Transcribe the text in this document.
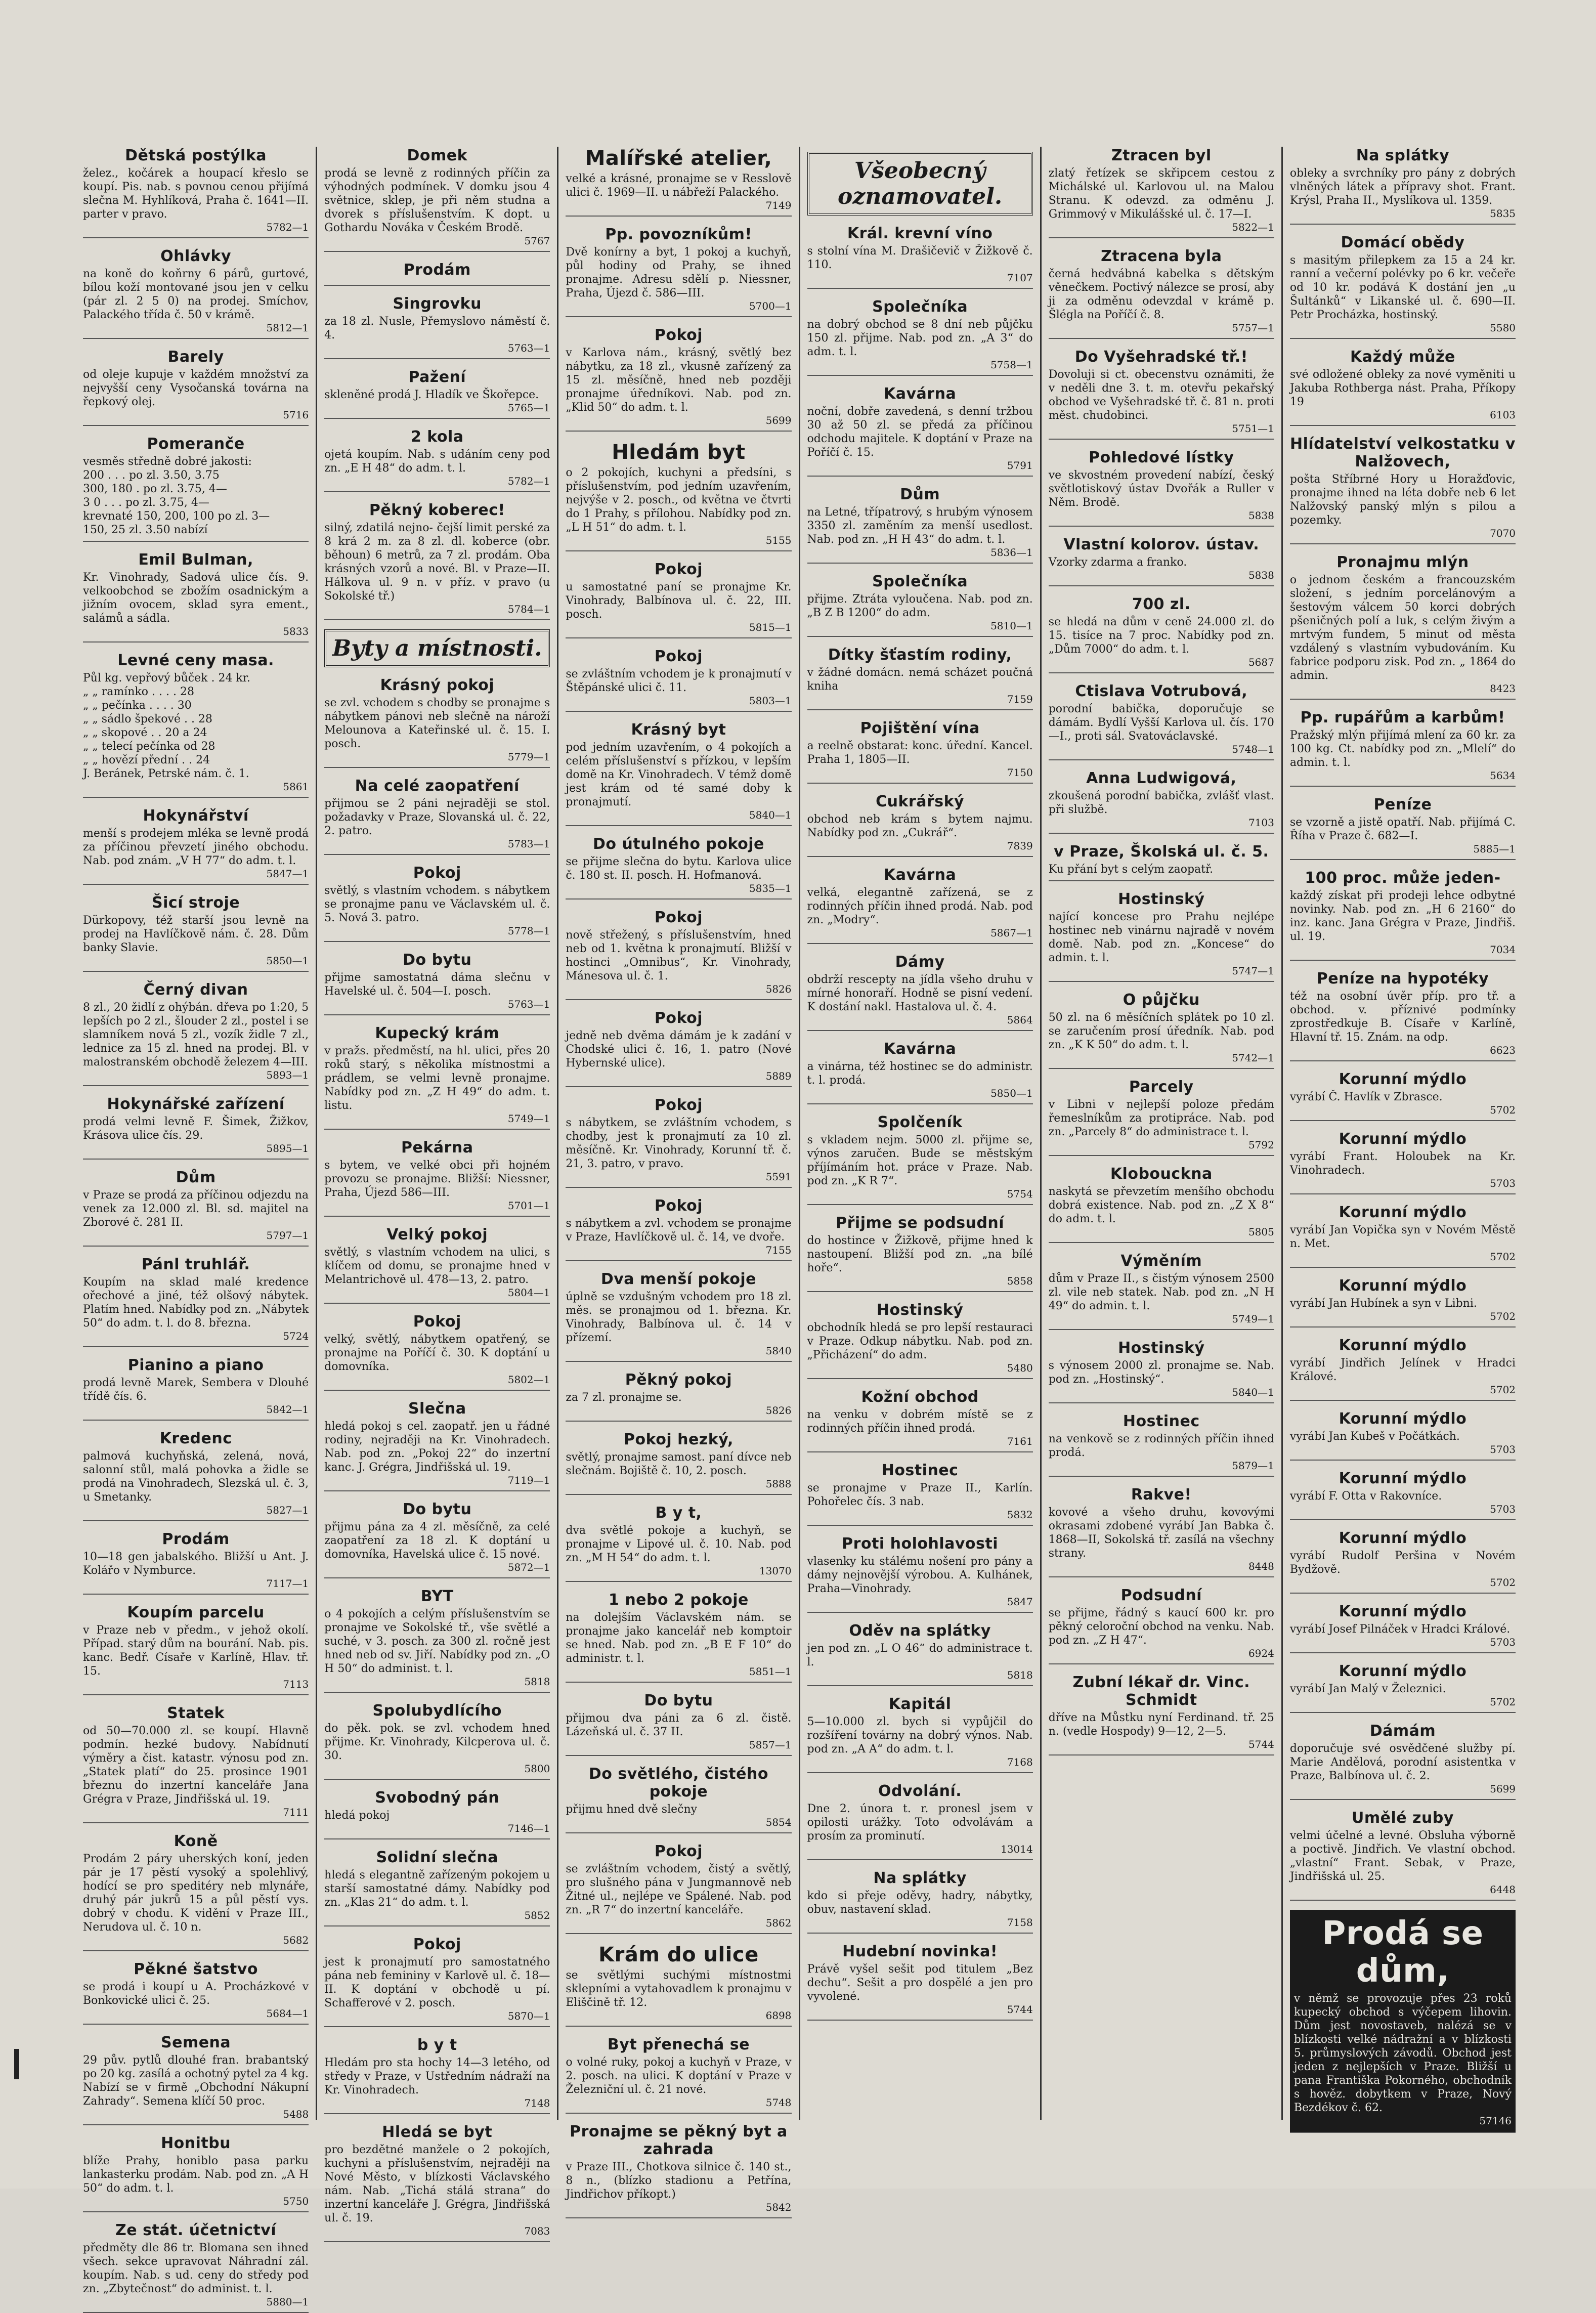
Dětská postýlka

želez., kočárek a houpací křeslo se koupí. Pis. nab. s povnou cenou přijímá slečna M. Hyhlíková, Praha č. 1641—II. parter v pravo.

5782—1
Ohlávky

na koně do koňrny 6 párů, gurtové, bílou koží montované jsou jen v celku (pár zl. 2 5 0) na prodej. Smíchov, Palackého třída č. 50 v krámě.

5812—1
Barely

od oleje kupuje v každém množství za nejvyšší ceny Vysočanská továrna na řepkový olej.

5716
Pomeranče
vesměs středně dobré jakosti:
200 . . . po zl. 3.50, 3.75
300, 180 . po zl. 3.75, 4—
3 0 . . . po zl. 3.75, 4—
krevnaté 150, 200, 100 po zl. 3—
150, 25 zl. 3.50 nabízí
Emil Bulman,

Kr. Vinohrady, Sadová ulice čís. 9. velkoobchod se zbožím osadnickým a jižním ovocem, sklad syra ement., salámů a sádla.

5833
Levné ceny masa.
Půl kg. vepřový bůček . 24 kr.
„ „ ramínko . . . . 28
„ „ pečínka . . . . 30
„ „ sádlo špekové . . 28
„ „ skopové . . 20 a 24
„ „ telecí pečínka od 28
„ „ hovězí přední . . 24

J. Beránek, Petrské nám. č. 1.

5861
Hokynářství

menší s prodejem mléka se levně prodá za příčinou převzetí jiného obchodu. Nab. pod znám. „V H 77“ do adm. t. l.

5847—1
Šicí stroje

Dürkopovy, též starší jsou levně na prodej na Havlíčkově nám. č. 28. Dům banky Slavie.

5850—1
Černý divan

8 zl., 20 židlí z ohýbán. dřeva po 1:20, 5 lepších po 2 zl., šlouder 2 zl., postel i se slamníkem nová 5 zl., vozík židle 7 zl., lednice za 15 zl. hned na prodej. Bl. v malostranském obchodě železem 4—III.

5893—1
Hokynářské zařízení

prodá velmi levně F. Šimek, Žižkov, Krásova ulice čís. 29.

5895—1
Dům

v Praze se prodá za příčinou odjezdu na venek za 12.000 zl. Bl. sd. majitel na Zborové č. 281 II.

5797—1
Pánl truhlář.

Koupím na sklad malé kredence ořechové a jiné, též olšový nábytek. Platím hned. Nabídky pod zn. „Nábytek 50“ do adm. t. l. do 8. března.

5724
Pianino a piano

prodá levně Marek, Sembera v Dlouhé třídě čís. 6.

5842—1
Kredenc

palmová kuchyňská, zelená, nová, salonní stůl, malá pohovka a židle se prodá na Vinohradech, Slezská ul. č. 3, u Smetanky.

5827—1
Prodám

10—18 gen jabalského. Bližší u Ant. J. Kolářo v Nymburce.

7117—1
Koupím parcelu

v Praze neb v předm., v jehož okolí. Případ. starý dům na bourání. Nab. pis. kanc. Bedř. Císaře v Karlíně, Hlav. tř. 15.

7113
Statek

od 50—70.000 zl. se koupí. Hlavně podmín. hezké budovy. Nabídnutí výměry a čist. katastr. výnosu pod zn. „Statek platí“ do 25. prosince 1901 březnu do inzertní kanceláře Jana Grégra v Praze, Jindřišská ul. 19.

7111
Koně

Prodám 2 páry uherských koní, jeden pár je 17 pěstí vysoký a spolehlivý, hodící se pro speditéry neb mlynáře, druhý pár jukrů 15 a půl pěstí vys. dobrý v chodu. K vidění v Praze III., Nerudova ul. č. 10 n.

5682
Pěkné šatstvo

se prodá i koupí u A. Procházkové v Bonkovické ulici č. 25.

5684—1
Semena

29 pův. pytlů dlouhé fran. brabantský po 20 kg. zasílá a ochotný pytel za 4 kg. Nabízí se v firmě „Obchodní Nákupní Zahrady“. Semena klíčí 50 proc.

5488
Honitbu

blíže Prahy, honiblo pasa parku lankasterku prodám. Nab. pod zn. „A H 50“ do adm. t. l.

5750
Ze stát. účetnictví

předměty dle 86 tr. Blomana sen ihned všech. sekce upravovat Náhradní zál. koupím. Nab. s ud. ceny do středy pod zn. „Zbytečnost“ do administ. t. l.

5880—1
Domek

prodá se levně z rodinných příčin za výhodných podmínek. V domku jsou 4 světnice, sklep, je při něm studna a dvorek s příslušenstvím. K dopt. u Gothardu Nováka v Českém Brodě.

5767
Prodám
Singrovku

za 18 zl. Nusle, Přemyslovo náměstí č. 4.

5763—1
Pažení

skleněné prodá J. Hladík ve Škořepce.

5765—1
2 kola

ojetá koupím. Nab. s udáním ceny pod zn. „E H 48“ do adm. t. l.

5782—1
Pěkný koberec!

silný, zdatilá nejno- čejší limit perské za 8 krá 2 m. za 8 zl. dl. koberce (obr. běhoun) 6 metrů, za 7 zl. prodám. Oba krásných vzorů a nové. Bl. v Praze—II. Hálkova ul. 9 n. v příz. v pravo (u Sokolské tř.)

5784—1
Byty a místnosti.
Krásný pokoj

se zvl. vchodem s chodby se pronajme s nábytkem pánovi neb slečně na nároží Melounova a Kateřinské ul. č. 15. I. posch.

5779—1
Na celé zaopatření

přijmou se 2 páni nejraději se stol. požadavky v Praze, Slovanská ul. č. 22, 2. patro.

5783—1
Pokoj

světlý, s vlastním vchodem. s nábytkem se pronajme panu ve Václavském ul. č. 5. Nová 3. patro.

5778—1
Do bytu

přijme samostatná dáma slečnu v Havelské ul. č. 504—I. posch.

5763—1
Kupecký krám

v pražs. předměstí, na hl. ulici, přes 20 roků starý, s několika místnostmi a prádlem, se velmi levně pronajme. Nabídky pod zn. „Z H 49“ do adm. t. listu.

5749—1
Pekárna

s bytem, ve velké obci při hojném provozu se pronajme. Bližší: Niessner, Praha, Újezd 586—III.

5701—1
Velký pokoj

světlý, s vlastním vchodem na ulici, s klíčem od domu, se pronajme hned v Melantrichově ul. 478—13, 2. patro.

5804—1
Pokoj

velký, světlý, nábytkem opatřený, se pronajme na Poříčí č. 30. K doptání u domovníka.

5802—1
Slečna

hledá pokoj s cel. zaopatř. jen u řádné rodiny, nejraději na Kr. Vinohradech. Nab. pod zn. „Pokoj 22“ do inzertní kanc. J. Grégra, Jindřišská ul. 19.

7119—1
Do bytu

přijmu pána za 4 zl. měsíčně, za celé zaopatření za 18 zl. K doptání u domovníka, Havelská ulice č. 15 nové.

5872—1
BYT

o 4 pokojích a celým příslušenstvím se pronajme ve Sokolské tř., vše světlé a suché, v 3. posch. za 300 zl. ročně jest hned neb od sv. Jiří. Nabídky pod zn. „O H 50“ do administ. t. l.

5818
Spolubydlícího

do pěk. pok. se zvl. vchodem hned přijme. Kr. Vinohrady, Kilcperova ul. č. 30.

5800
Svobodný pán

hledá pokoj

7146—1
Solidní slečna

hledá s elegantně zařízeným pokojem u starší samostatné dámy. Nabídky pod zn. „Klas 21“ do adm. t. l.

5852
Pokoj

jest k pronajmutí pro samostatného pána neb femininy v Karlově ul. č. 18—II. K doptání v obchodě u pí. Schafferové v 2. posch.

5870—1
b y t

Hledám pro sta hochy 14—3 letého, od středy v Praze, v Ustředním nádraží na Kr. Vinohradech.

7148
Hledá se byt

pro bezdětné manžele o 2 pokojích, kuchyni a příslušenstvím, nejraději na Nové Město, v blízkosti Václavského nám. Nab. „Tichá stálá strana“ do inzertní kanceláře J. Grégra, Jindřišská ul. č. 19.

7083
Malířské atelier,

velké a krásné, pronajme se v Resslově ulici č. 1969—II. u nábřeží Palackého.

7149
Pp. povozníkům!

Dvě konírny a byt, 1 pokoj a kuchyň, půl hodiny od Prahy, se ihned pronajme. Adresu sdělí p. Niessner, Praha, Újezd č. 586—III.

5700—1
Pokoj

v Karlova nám., krásný, světlý bez nábytku, za 18 zl., vkusně zařízený za 15 zl. měsíčně, hned neb později pronajme úředníkovi. Nab. pod zn. „Klid 50“ do adm. t. l.

5699
Hledám byt

o 2 pokojích, kuchyni a předsíni, s příslušenstvím, pod jedním uzavřením, nejvýše v 2. posch., od května ve čtvrti do 1 Prahy, s přílohou. Nabídky pod zn. „L H 51“ do adm. t. l.

5155
Pokoj

u samostatné paní se pronajme Kr. Vinohrady, Balbínova ul. č. 22, III. posch.

5815—1
Pokoj

se zvláštním vchodem je k pronajmutí v Štěpánské ulici č. 11.

5803—1
Krásný byt

pod jedním uzavřením, o 4 pokojích a celém příslušenství s přízkou, v lepším domě na Kr. Vinohradech. V témž domě jest krám od té samé doby k pronajmutí.

5840—1
Do útulného pokoje

se přijme slečna do bytu. Karlova ulice č. 180 st. II. posch. H. Hofmanová.

5835—1
Pokoj

nově střežený, s příslušenstvím, hned neb od 1. května k pronajmutí. Bližší v hostinci „Omnibus“, Kr. Vinohrady, Mánesova ul. č. 1.

5826
Pokoj

jedně neb dvěma dámám je k zadání v Chodské ulici č. 16, 1. patro (Nové Hybernské ulice).

5889
Pokoj

s nábytkem, se zvláštním vchodem, s chodby, jest k pronajmutí za 10 zl. měsíčně. Kr. Vinohrady, Korunní tř. č. 21, 3. patro, v pravo.

5591
Pokoj

s nábytkem a zvl. vchodem se pronajme v Praze, Havlíčkově ul. č. 14, ve dvoře.

7155
Dva menší pokoje

úplně se vzdušným vchodem pro 18 zl. měs. se pronajmou od 1. března. Kr. Vinohrady, Balbínova ul. č. 14 v přízemí.

5840
Pěkný pokoj

za 7 zl. pronajme se.

5826
Pokoj hezký,

světlý, pronajme samost. paní dívce neb slečnám. Bojiště č. 10, 2. posch.

5888
B y t,

dva světlé pokoje a kuchyň, se pronajme v Lipové ul. č. 10. Nab. pod zn. „M H 54“ do adm. t. l.

13070
1 nebo 2 pokoje

na dolejším Václavském nám. se pronajme jako kancelář neb komptoir se hned. Nab. pod zn. „B E F 10“ do administr. t. l.

5851—1
Do bytu

přijmou dva páni za 6 zl. čistě. Lázeňská ul. č. 37 II.

5857—1
Do světlého, čistého pokoje

přijmu hned dvě slečny

5854
Pokoj

se zvláštním vchodem, čistý a světlý, pro slušného pána v Jungmannově neb Žitné ul., nejlépe ve Spálené. Nab. pod zn. „R 7“ do inzertní kanceláře.

5862
Krám do ulice

se světlými suchými místnostmi sklepními a vytahovadlem k pronajmu v Eliščině tř. 12.

6898
Byt přenechá se

o volné ruky, pokoj a kuchyň v Praze, v 2. posch. na ulici. K doptání v Praze v Železniční ul. č. 21 nové.

5748
Pronajme se pěkný byt a zahrada

v Praze III., Chotkova silnice č. 140 st., 8 n., (blízko stadionu a Petřína, Jindřichov příkopt.)

5842
Všeobecný oznamovatel.
Král. krevní víno

s stolní vína M. Drašičevič v Žižkově č. 110.

7107
Společníka

na dobrý obchod se 8 dní neb půjčku 150 zl. přijme. Nab. pod zn. „A 3“ do adm. t. l.

5758—1
Kavárna

noční, dobře zavedená, s denní tržbou 30 až 50 zl. se předá za příčinou odchodu majitele. K doptání v Praze na Poříčí č. 15.

5791
Dům

na Letné, třípatrový, s hrubým výnosem 3350 zl. zaměním za menší usedlost. Nab. pod zn. „H H 43“ do adm. t. l.

5836—1
Společníka

přijme. Ztráta vyloučena. Nab. pod zn. „B Z B 1200“ do adm.

5810—1
Dítky šťastím rodiny,

v žádné domácn. nemá scházet poučná kniha

7159
Pojištění vína

a reelně obstarat: konc. úřední. Kancel. Praha 1, 1805—II.

7150
Cukrářský

obchod neb krám s bytem najmu. Nabídky pod zn. „Cukrář“.

7839
Kavárna

velká, elegantně zařízená, se z rodinných příčin ihned prodá. Nab. pod zn. „Modry“.

5867—1
Dámy

obdrží rescepty na jídla všeho druhu v mírné honoraří. Hodně se pisní vedení. K dostání nakl. Hastalova ul. č. 4.

5864
Kavárna

a vinárna, též hostinec se do administr. t. l. prodá.

5850—1
Spolčeník

s vkladem nejm. 5000 zl. přijme se, výnos zaručen. Bude se městským příjímáním hot. práce v Praze. Nab. pod zn. „K R 7“.

5754
Přijme se podsudní

do hostince v Žižkově, přijme hned k nastoupení. Bližší pod zn. „na bílé hoře“.

5858
Hostinský

obchodník hledá se pro lepší restauraci v Praze. Odkup nábytku. Nab. pod zn. „Přicházení“ do adm.

5480
Kožní obchod

na venku v dobrém místě se z rodinných příčin ihned prodá.

7161
Hostinec

se pronajme v Praze II., Karlín. Pohořelec čís. 3 nab.

5832
Proti holohlavosti

vlasenky ku stálému nošení pro pány a dámy nejnovější výrobou. A. Kulhánek, Praha—Vinohrady.

5847
Oděv na splátky

jen pod zn. „L O 46“ do administrace t. l.

5818
Kapitál

5—10.000 zl. bych si vypůjčil do rozšíření továrny na dobrý výnos. Nab. pod zn. „A A“ do adm. t. l.

7168
Odvolání.

Dne 2. února t. r. pronesl jsem v opilosti urážky. Toto odvolávám a prosím za prominutí.

13014
Na splátky

kdo si přeje oděvy, hadry, nábytky, obuv, nastavení sklad.

7158
Hudební novinka!

Právě vyšel sešit pod titulem „Bez dechu“. Sešit a pro dospělé a jen pro vyvolené.

5744
Ztracen byl

zlatý řetízek se skřipcem cestou z Michálské ul. Karlovou ul. na Malou Stranu. K odevzd. za odměnu J. Grimmový v Mikulášské ul. č. 17—I.

5822—1
Ztracena byla

černá hedvábná kabelka s dětským věnečkem. Poctivý nálezce se prosí, aby ji za odměnu odevzdal v krámě p. Šlégla na Poříčí č. 8.

5757—1
Do Vyšehradské tř.!

Dovoluji si ct. obecenstvu oznámiti, že v neděli dne 3. t. m. otevřu pekařský obchod ve Vyšehradské tř. č. 81 n. proti měst. chudobinci.

5751—1
Pohledové lístky

ve skvostném provedení nabízí, český světlotiskový ústav Dvořák a Ruller v Něm. Brodě.

5838
Vlastní kolorov. ústav.

Vzorky zdarma a franko.

5838
700 zl.

se hledá na dům v ceně 24.000 zl. do 15. tisíce na 7 proc. Nabídky pod zn. „Dům 7000“ do adm. t. l.

5687
Ctislava Votrubová,

porodní babička, doporučuje se dámám. Bydlí Vyšší Karlova ul. čís. 170—I., proti sál. Svatováclavské.

5748—1
Anna Ludwigová,

zkoušená porodní babička, zvlášť vlast. při službě.

7103
v Praze, Školská ul. č. 5.

Ku přání byt s celým zaopatř.

Hostinský

nající koncese pro Prahu nejlépe hostinec neb vinárnu najradě v novém domě. Nab. pod zn. „Koncese“ do admin. t. l.

5747—1
O půjčku

50 zl. na 6 měsíčních splátek po 10 zl. se zaručením prosí úředník. Nab. pod zn. „K K 50“ do adm. t. l.

5742—1
Parcely

v Libni v nejlepší poloze předám řemeslníkům za protipráce. Nab. pod zn. „Parcely 8“ do administrace t. l.

5792
Klobouckna

naskytá se převzetím menšího obchodu dobrá existence. Nab. pod zn. „Z X 8“ do adm. t. l.

5805
Výměním

dům v Praze II., s čistým výnosem 2500 zl. vile neb statek. Nab. pod zn. „N H 49“ do admin. t. l.

5749—1
Hostinský

s výnosem 2000 zl. pronajme se. Nab. pod zn. „Hostinský“.

5840—1
Hostinec

na venkově se z rodinných příčin ihned prodá.

5879—1
Rakve!

kovové a všeho druhu, kovovými okrasami zdobené vyrábí Jan Babka č. 1868—II, Sokolská tř. zasílá na všechny strany.

8448
Podsudní

se přijme, řádný s kaucí 600 kr. pro pěkný celoroční obchod na venku. Nab. pod zn. „Z H 47“.

6924
Zubní lékař dr. Vinc. Schmidt

dříve na Můstku nyní Ferdinand. tř. 25 n. (vedle Hospody) 9—12, 2—5.

5744
Na splátky

obleky a svrchníky pro pány z dobrých vlněných látek a přípravy shot. Frant. Krýsl, Praha II., Myslíkova ul. 1359.

5835
Domácí obědy

s masitým přilepkem za 15 a 24 kr. ranní a večerní polévky po 6 kr. večeře od 10 kr. podává K dostání jen „u Šultánků“ v Likanské ul. č. 690—II. Petr Procházka, hostinský.

5580
Každý může

své odložené obleky za nové vyměniti u Jakuba Rothberga nást. Praha, Příkopy 19

6103
Hlídatelství velkostatku v Nalžovech,

pošta Stříbrné Hory u Horažďovic, pronajme ihned na léta dobře neb 6 let Nalžovský panský mlýn s pilou a pozemky.

7070
Pronajmu mlýn

o jednom českém a francouzském složení, s jedním porcelánovým a šestovým válcem 50 korci dobrých pšeničných polí a luk, s celým živým a mrtvým fundem, 5 minut od města vzdálený s vlastním vybudováním. Ku fabrice podporu zisk. Pod zn. „ 1864 do admin.

8423
Pp. rupářům a karbům!

Pražský mlýn přijímá mlení za 60 kr. za 100 kg. Ct. nabídky pod zn. „Mlelí“ do admin. t. l.

5634
Peníze

se vzorně a jistě opatří. Nab. přijímá C. Říha v Praze č. 682—I.

5885—1
100 proc. může jeden-

každý získat při prodeji lehce odbytné novinky. Nab. pod zn. „H 6 2160“ do inz. kanc. Jana Grégra v Praze, Jindřiš. ul. 19.

7034
Peníze na hypotéky

též na osobní úvěr příp. pro tř. a obchod. v. příznivé podmínky zprostředkuje B. Císaře v Karlíně, Hlavní tř. 15. Znám. na odp.

6623
Korunní mýdlo

vyrábí Č. Havlík v Zbrasce.

5702
Korunní mýdlo

vyrábí Frant. Holoubek na Kr. Vinohradech.

5703
Korunní mýdlo

vyrábí Jan Vopička syn v Novém Městě n. Met.

5702
Korunní mýdlo

vyrábí Jan Hubínek a syn v Libni.

5702
Korunní mýdlo

vyrábí Jindřich Jelínek v Hradci Králové.

5702
Korunní mýdlo

vyrábí Jan Kubeš v Počátkách.

5703
Korunní mýdlo

vyrábí F. Otta v Rakovníce.

5703
Korunní mýdlo

vyrábí Rudolf Peršina v Novém Bydžově.

5702
Korunní mýdlo

vyrábí Josef Pilnáček v Hradci Králové.

5703
Korunní mýdlo

vyrábí Jan Malý v Železnici.

5702
Dámám

doporučuje své osvědčené služby pí. Marie Andělová, porodní asistentka v Praze, Balbínova ul. č. 2.

5699
Umělé zuby

velmi účelné a levné. Obsluha výborně a poctivě. Jindřich. Ve vlastní obchod. „vlastní“ Frant. Sebak, v Praze, Jindřišská ul. 25.

6448
Prodá se dům,

v němž se provozuje přes 23 roků kupecký obchod s výčepem lihovin. Dům jest novostaveb, nalézá se v blízkosti velké nádražní a v blízkosti 5. průmyslových závodů. Obchod jest jeden z nejlepších v Praze. Bližší u pana Františka Pokorného, obchodník s hověz. dobytkem v Praze, Nový Bezdékov č. 62.

57146
